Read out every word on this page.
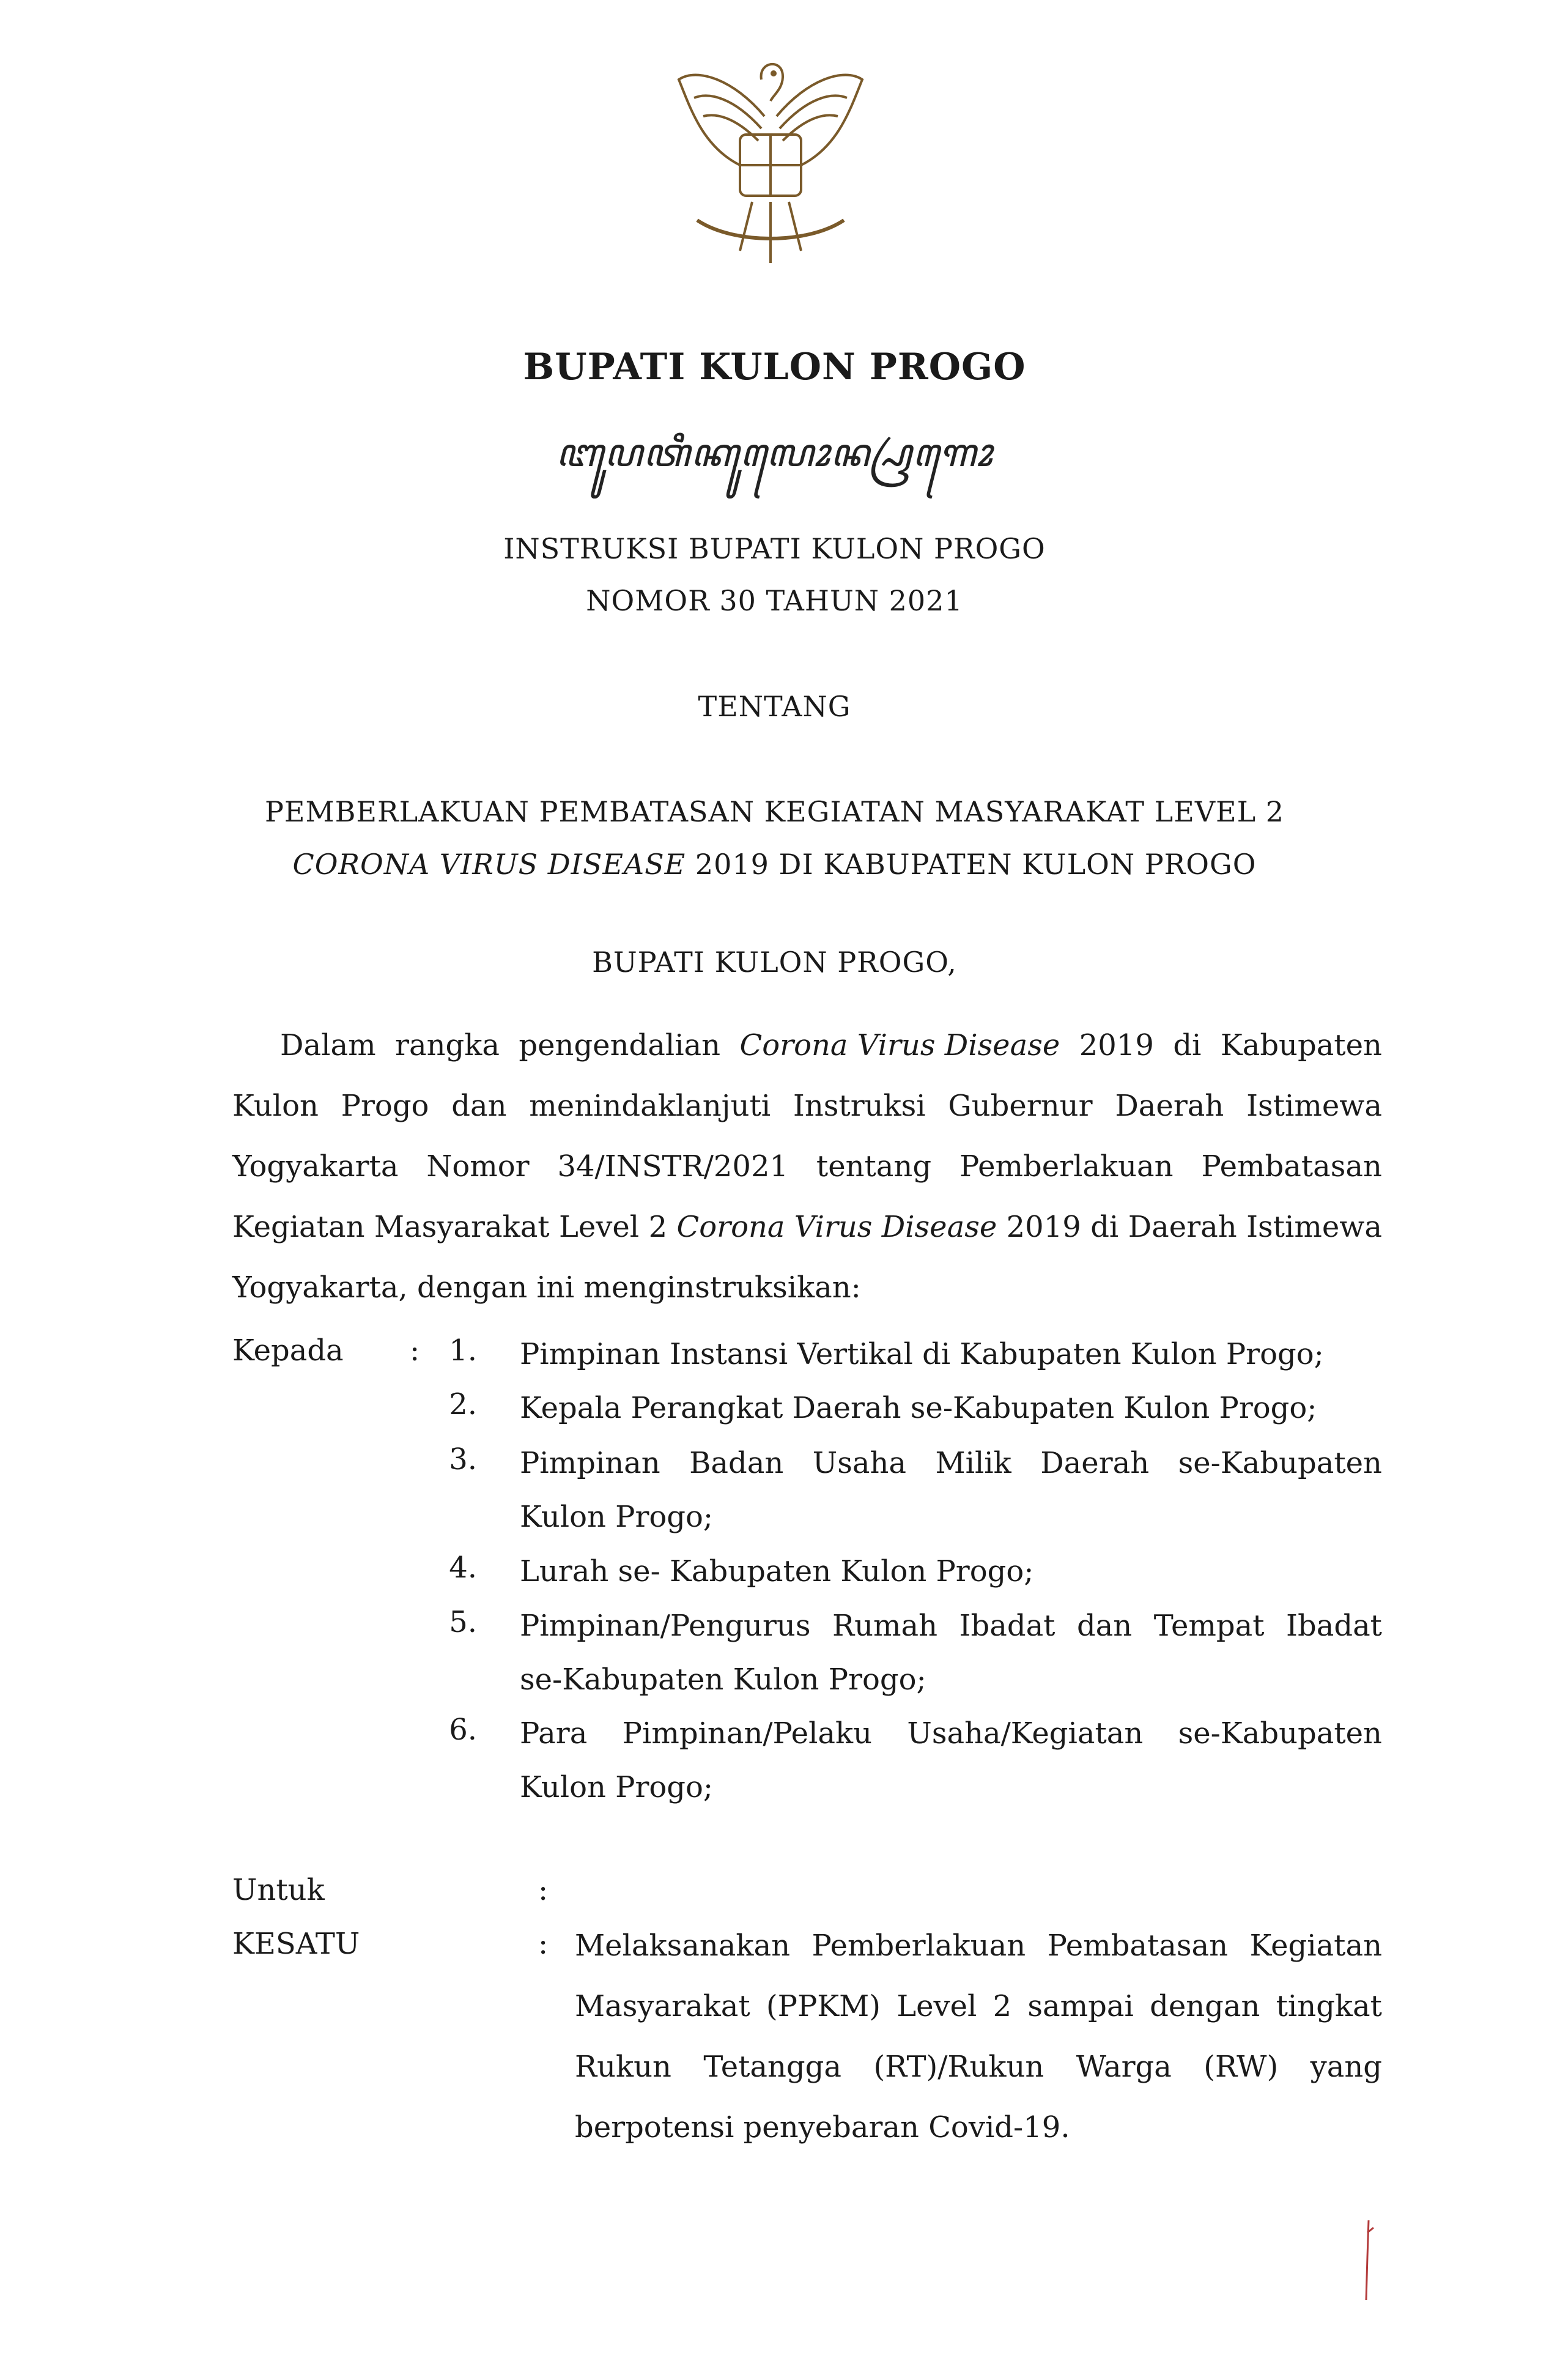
BUPATI KULON PROGO
ꦧꦸꦥꦠꦶꦏꦸꦭꦺꦴꦤ꧀ꦥꦿꦒꦺꦴ
INSTRUKSI BUPATI KULON PROGO
NOMOR 30 TAHUN 2021
TENTANG
PEMBERLAKUAN PEMBATASAN KEGIATAN MASYARAKAT LEVEL 2
CORONA VIRUS DISEASE 2019 DI KABUPATEN KULON PROGO
BUPATI KULON PROGO,
Dalam rangka pengendalian Corona Virus Disease 2019 di Kabupaten
Kulon Progo dan menindaklanjuti Instruksi Gubernur Daerah Istimewa
Yogyakarta Nomor 34/INSTR/2021 tentang Pemberlakuan Pembatasan
Kegiatan Masyarakat Level 2 Corona Virus Disease 2019 di Daerah Istimewa
Yogyakarta, dengan ini menginstruksikan:
Kepada :	1. Pimpinan Instansi Vertikal di Kabupaten Kulon Progo;
2. Kepala Perangkat Daerah se-Kabupaten Kulon Progo;
3. Pimpinan Badan Usaha Milik Daerah se-Kabupaten
Kulon Progo;
4. Lurah se- Kabupaten Kulon Progo;
5. Pimpinan/Pengurus Rumah Ibadat dan Tempat Ibadat
se-Kabupaten Kulon Progo;
6. Para Pimpinan/Pelaku Usaha/Kegiatan se-Kabupaten
Kulon Progo;
Untuk	:
KESATU	: Melaksanakan Pemberlakuan Pembatasan Kegiatan
Masyarakat (PPKM) Level 2 sampai dengan tingkat
Rukun Tetangga (RT)/Rukun Warga (RW) yang
berpotensi penyebaran Covid-19.
